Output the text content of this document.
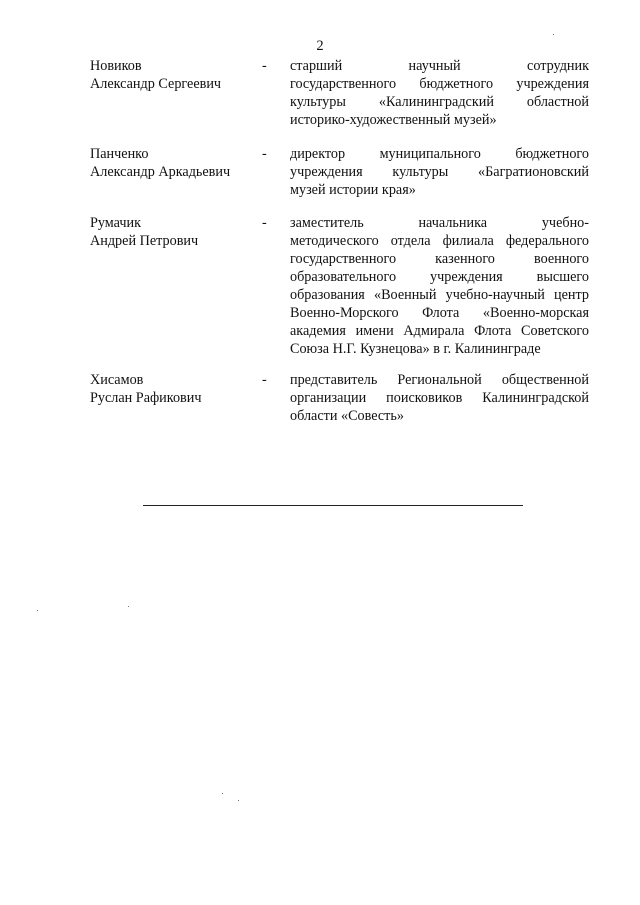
2
Новиков
Александр Сергеевич
- старший научный сотрудник
государственного бюджетного учреждения
культуры «Калининградский областной
историко-художественный музей»
Панченко
Александр Аркадьевич
- директор муниципального бюджетного
учреждения культуры «Багратионовский
музей истории края»
Румачик
Андрей Петрович
- заместитель начальника учебно-
методического отдела филиала федерального
государственного казенного военного
образовательного учреждения высшего
образования «Военный учебно-научный центр
Военно-Морского Флота «Военно-морская
академия имени Адмирала Флота Советского
Союза Н.Г. Кузнецова» в г. Калининграде
Хисамов
Руслан Рафикович
- представитель Региональной общественной
организации поисковиков Калининградской
области «Совесть»
